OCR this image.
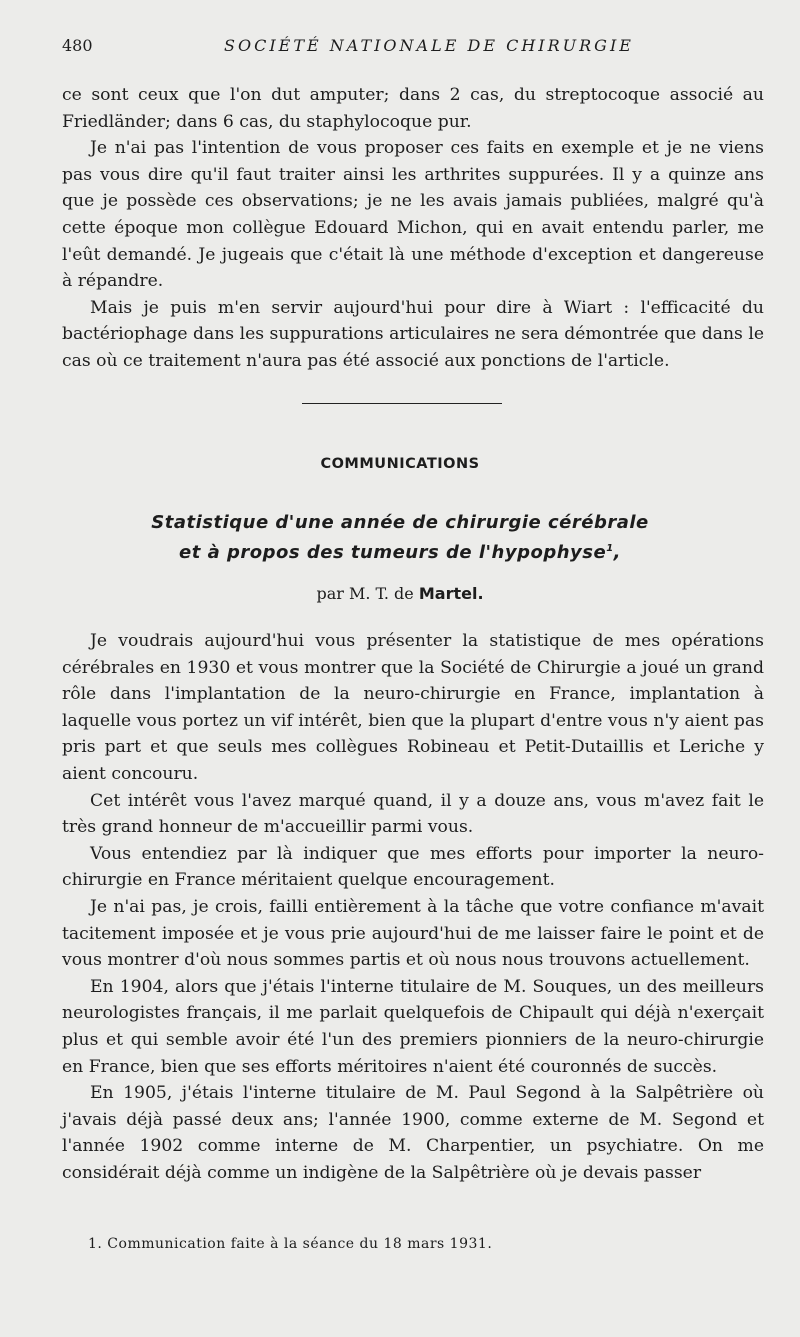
480	SOCIÉTÉ NATIONALE DE CHIRURGIE

ce sont ceux que l'on dut amputer; dans 2 cas, du streptocoque associé au Friedländer; dans 6 cas, du staphylocoque pur.

Je n'ai pas l'intention de vous proposer ces faits en exemple et je ne viens pas vous dire qu'il faut traiter ainsi les arthrites suppurées. Il y a quinze ans que je possède ces observations; je ne les avais jamais publiées, malgré qu'à cette époque mon collègue Edouard Michon, qui en avait entendu parler, me l'eût demandé. Je jugeais que c'était là une méthode d'exception et dangereuse à répandre.

Mais je puis m'en servir aujourd'hui pour dire à Wiart : l'efficacité du bactériophage dans les suppurations articulaires ne sera démontrée que dans le cas où ce traitement n'aura pas été associé aux ponctions de l'article.

COMMUNICATIONS
Statistique d'une année de chirurgie cérébrale
et à propos des tumeurs de l'hypophyse$^1$,
par M. T. de Martel.

Je voudrais aujourd'hui vous présenter la statistique de mes opérations cérébrales en 1930 et vous montrer que la Société de Chirurgie a joué un grand rôle dans l'implantation de la neuro-chirurgie en France, implantation à laquelle vous portez un vif intérêt, bien que la plupart d'entre vous n'y aient pas pris part et que seuls mes collègues Robineau et Petit-Dutaillis et Leriche y aient concouru.

Cet intérêt vous l'avez marqué quand, il y a douze ans, vous m'avez fait le très grand honneur de m'accueillir parmi vous.

Vous entendiez par là indiquer que mes efforts pour importer la neuro-chirurgie en France méritaient quelque encouragement.

Je n'ai pas, je crois, failli entièrement à la tâche que votre confiance m'avait tacitement imposée et je vous prie aujourd'hui de me laisser faire le point et de vous montrer d'où nous sommes partis et où nous nous trouvons actuellement.

En 1904, alors que j'étais l'interne titulaire de M. Souques, un des meilleurs neurologistes français, il me parlait quelquefois de Chipault qui déjà n'exerçait plus et qui semble avoir été l'un des premiers pionniers de la neuro-chirurgie en France, bien que ses efforts méritoires n'aient été couronnés de succès.

En 1905, j'étais l'interne titulaire de M. Paul Segond à la Salpêtrière où j'avais déjà passé deux ans; l'année 1900, comme externe de M. Segond et l'année 1902 comme interne de M. Charpentier, un psychiatre. On me considérait déjà comme un indigène de la Salpêtrière où je devais passer

1. Communication faite à la séance du 18 mars 1931.
